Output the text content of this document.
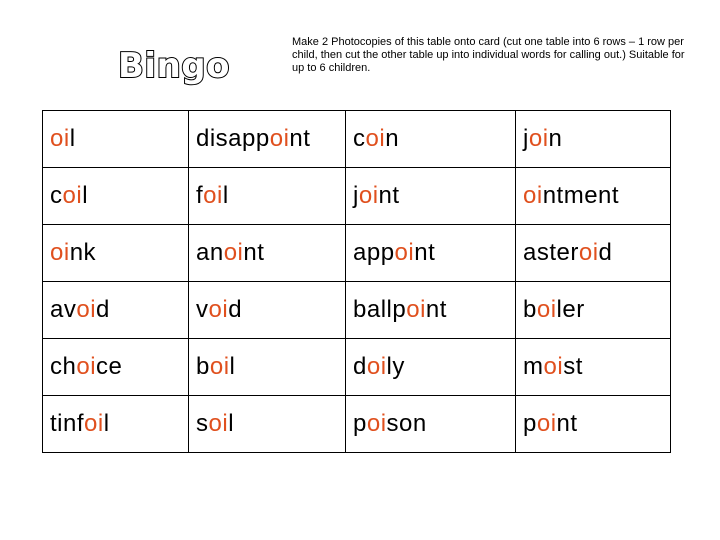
Bingo
Make 2 Photocopies of this table onto card (cut one table into 6 rows – 1 row per child, then cut the other table up into individual words for calling out.) Suitable for up to 6 children.
oil	disappoint	coin	join
coil	foil	joint	ointment
oink	anoint	appoint	asteroid
avoid	void	ballpoint	boiler
choice	boil	doily	moist
tinfoil	soil	poison	point
